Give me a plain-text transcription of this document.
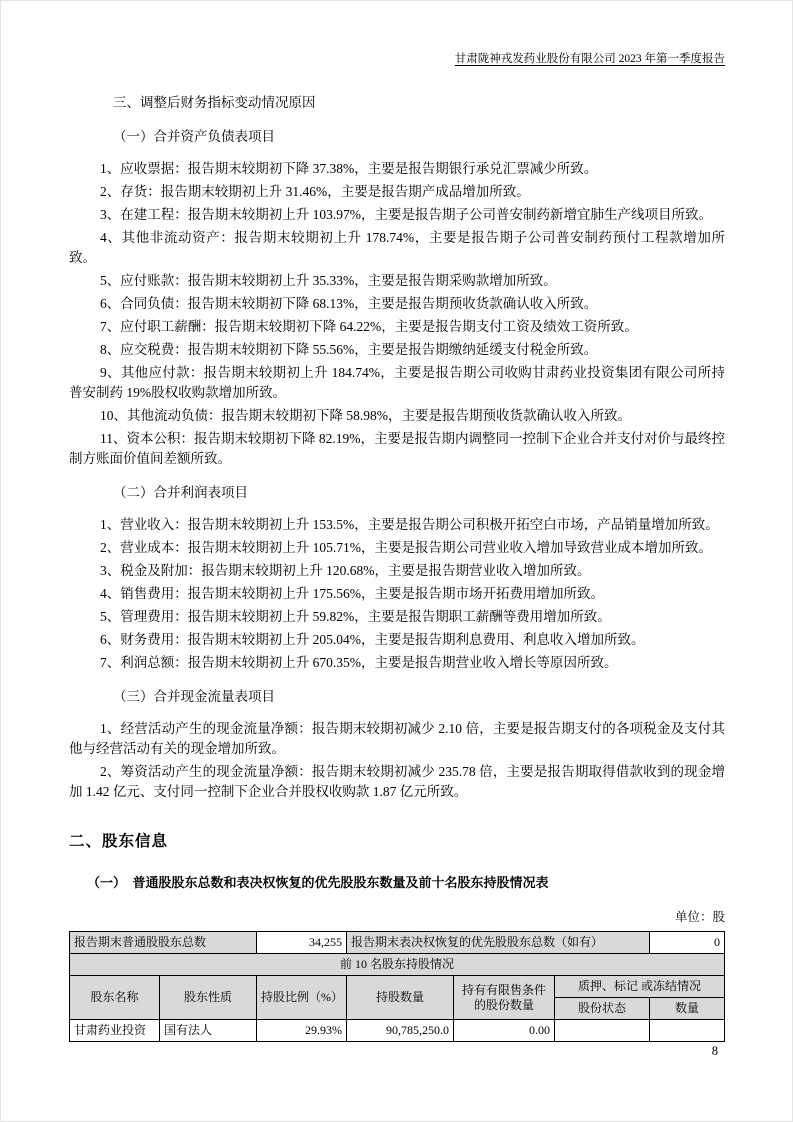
甘肃陇神戎发药业股份有限公司 2023 年第一季度报告

三、调整后财务指标变动情况原因

（一）合并资产负债表项目

1、应收票据：报告期末较期初下降 37.38%，主要是报告期银行承兑汇票减少所致。

2、存货：报告期末较期初上升 31.46%，主要是报告期产成品增加所致。

3、在建工程：报告期末较期初上升 103.97%，主要是报告期子公司普安制药新增宜肺生产线项目所致。

4、其他非流动资产：报告期末较期初上升 178.74%，主要是报告期子公司普安制药预付工程款增加所致。

5、应付账款：报告期末较期初上升 35.33%，主要是报告期采购款增加所致。

6、合同负债：报告期末较期初下降 68.13%，主要是报告期预收货款确认收入所致。

7、应付职工薪酬：报告期末较期初下降 64.22%，主要是报告期支付工资及绩效工资所致。

8、应交税费：报告期末较期初下降 55.56%，主要是报告期缴纳延缓支付税金所致。

9、其他应付款：报告期末较期初上升 184.74%，主要是报告期公司收购甘肃药业投资集团有限公司所持普安制药 19%股权收购款增加所致。

10、其他流动负债：报告期末较期初下降 58.98%，主要是报告期预收货款确认收入所致。

11、资本公积：报告期末较期初下降 82.19%，主要是报告期内调整同一控制下企业合并支付对价与最终控制方账面价值间差额所致。

（二）合并利润表项目

1、营业收入：报告期末较期初上升 153.5%，主要是报告期公司积极开拓空白市场，产品销量增加所致。

2、营业成本：报告期末较期初上升 105.71%，主要是报告期公司营业收入增加导致营业成本增加所致。

3、税金及附加：报告期末较期初上升 120.68%，主要是报告期营业收入增加所致。

4、销售费用：报告期末较期初上升 175.56%，主要是报告期市场开拓费用增加所致。

5、管理费用：报告期末较期初上升 59.82%，主要是报告期职工薪酬等费用增加所致。

6、财务费用：报告期末较期初上升 205.04%，主要是报告期利息费用、利息收入增加所致。

7、利润总额：报告期末较期初上升 670.35%，主要是报告期营业收入增长等原因所致。

（三）合并现金流量表项目

1、经营活动产生的现金流量净额：报告期末较期初减少 2.10 倍，主要是报告期支付的各项税金及支付其他与经营活动有关的现金增加所致。

2、筹资活动产生的现金流量净额：报告期末较期初减少 235.78 倍，主要是报告期取得借款收到的现金增加 1.42 亿元、支付同一控制下企业合并股权收购款 1.87 亿元所致。

二、股东信息

（一）　普通股股东总数和表决权恢复的优先股股东数量及前十名股东持股情况表

单位：股

报告期末普通股股东总数		34,255	报告期末表决权恢复的优先股股东总数（如有）			0
前 10 名股东持股情况						
股东名称	股东性质	持股比例（%）	持股数量	持有有限售条件的股份数量	质押、标记 或冻结情况	
					股份状态	数量
甘肃药业投资	国有法人	29.93%	90,785,250.0	0.00		
8
